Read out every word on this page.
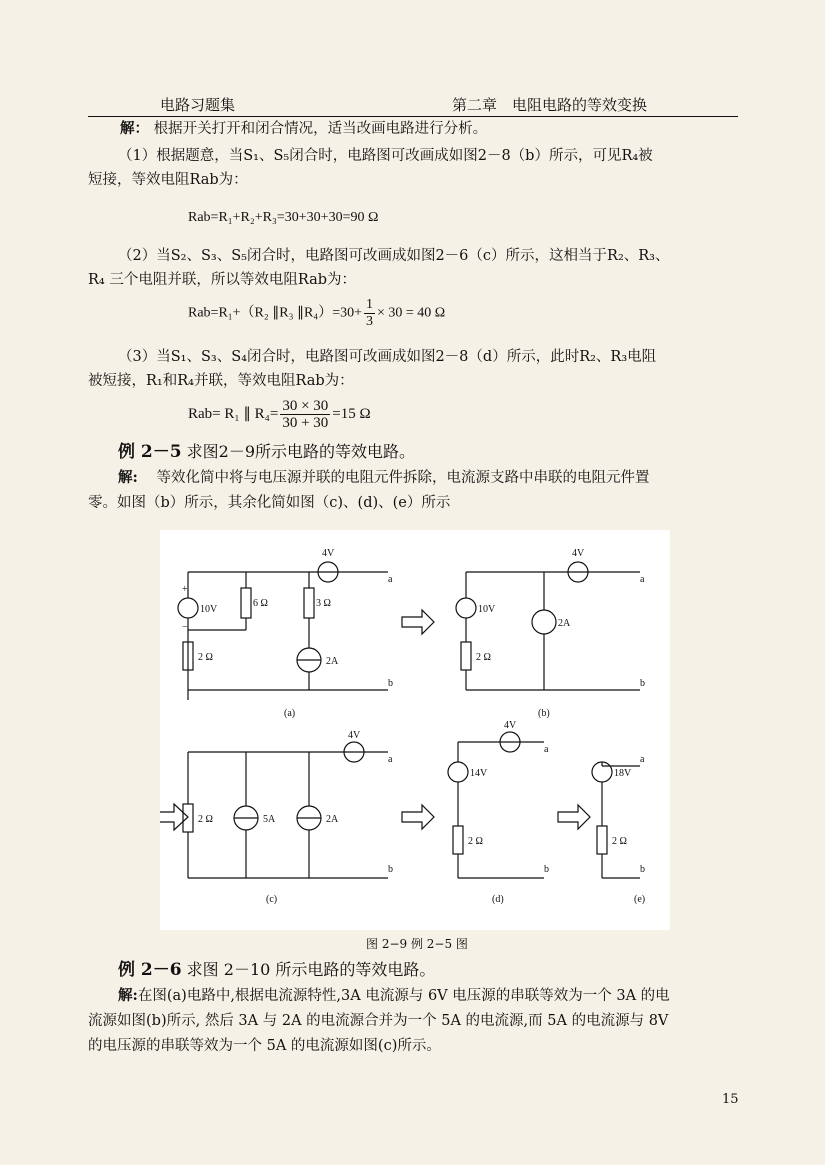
电路习题集	第二章　电阻电路的等效变换
解： 根据开关打开和闭合情况，适当改画电路进行分析。
（1）根据题意，当S₁、S₅闭合时，电路图可改画成如图2－8（b）所示，可见R₄被
短接，等效电阻Rab为：
Rab=R₁+R₂+R₃=30+30+30=90 Ω
（2）当S₂、S₃、S₅闭合时，电路图可改画成如图2－6（c）所示，这相当于R₂、R₃、
R₄ 三个电阻并联，所以等效电阻Rab为：
Rab=R₁+（R₂ ∥R₃ ∥R₄）=30+ $\frac{1}{3} \times 30 = 40$ Ω
（3）当S₁、S₃、S₄闭合时，电路图可改画成如图2－8（d）所示，此时R₂、R₃电阻
被短接，R₁和R₄并联，等效电阻Rab为：
Rab= R₁ ∥ $R_4= \frac{30 \times 30}{30 + 30} =15$ Ω
例 2－5 求图2－9所示电路的等效电路。
解: 等效化简中将与电压源并联的电阻元件拆除，电流源支路中串联的电阻元件置
零。如图（b）所示，其余化简如图（c)、(d)、(e）所示
4V
10V
6 Ω	3 Ω
2 Ω	2A
+
−
a
b
(a)
4V
10V
2 Ω
2A
a
b
(b)
4V
2 Ω	5A	2A
a
b
(c)
4V
14V
2 Ω
a
b
(d)
18V
2 Ω
a
b
(e)
图 2−9 例 2−5 图
例 2－6 求图 2－10 所示电路的等效电路。
解:在图(a)电路中,根据电流源特性,3A 电流源与 6V 电压源的串联等效为一个 3A 的电
流源如图(b)所示, 然后 3A 与 2A 的电流源合并为一个 5A 的电流源,而 5A 的电流源与 8V
的电压源的串联等效为一个 5A 的电流源如图(c)所示。
15
